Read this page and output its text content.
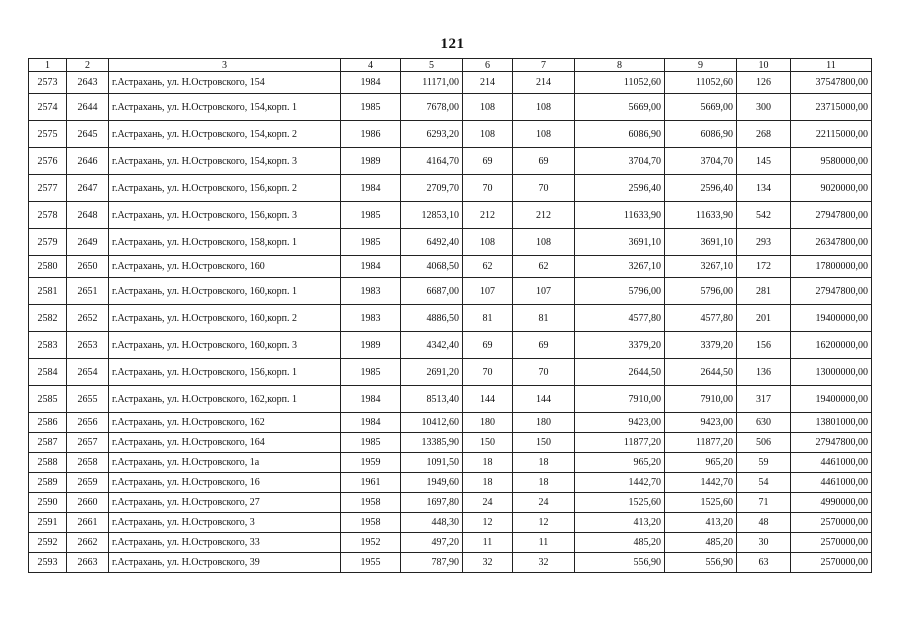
121
1	2	3	4	5	6	7	8	9	10	11
2573	2643	г.Астрахань, ул. Н.Островского, 154	1984	11171,00	214	214	11052,60	11052,60	126	37547800,00
2574	2644	г.Астрахань, ул. Н.Островского, 154,корп. 1	1985	7678,00	108	108	5669,00	5669,00	300	23715000,00
2575	2645	г.Астрахань, ул. Н.Островского, 154,корп. 2	1986	6293,20	108	108	6086,90	6086,90	268	22115000,00
2576	2646	г.Астрахань, ул. Н.Островского, 154,корп. 3	1989	4164,70	69	69	3704,70	3704,70	145	9580000,00
2577	2647	г.Астрахань, ул. Н.Островского, 156,корп. 2	1984	2709,70	70	70	2596,40	2596,40	134	9020000,00
2578	2648	г.Астрахань, ул. Н.Островского, 156,корп. 3	1985	12853,10	212	212	11633,90	11633,90	542	27947800,00
2579	2649	г.Астрахань, ул. Н.Островского, 158,корп. 1	1985	6492,40	108	108	3691,10	3691,10	293	26347800,00
2580	2650	г.Астрахань, ул. Н.Островского, 160	1984	4068,50	62	62	3267,10	3267,10	172	17800000,00
2581	2651	г.Астрахань, ул. Н.Островского, 160,корп. 1	1983	6687,00	107	107	5796,00	5796,00	281	27947800,00
2582	2652	г.Астрахань, ул. Н.Островского, 160,корп. 2	1983	4886,50	81	81	4577,80	4577,80	201	19400000,00
2583	2653	г.Астрахань, ул. Н.Островского, 160,корп. 3	1989	4342,40	69	69	3379,20	3379,20	156	16200000,00
2584	2654	г.Астрахань, ул. Н.Островского, 156,корп. 1	1985	2691,20	70	70	2644,50	2644,50	136	13000000,00
2585	2655	г.Астрахань, ул. Н.Островского, 162,корп. 1	1984	8513,40	144	144	7910,00	7910,00	317	19400000,00
2586	2656	г.Астрахань, ул. Н.Островского, 162	1984	10412,60	180	180	9423,00	9423,00	630	13801000,00
2587	2657	г.Астрахань, ул. Н.Островского, 164	1985	13385,90	150	150	11877,20	11877,20	506	27947800,00
2588	2658	г.Астрахань, ул. Н.Островского, 1а	1959	1091,50	18	18	965,20	965,20	59	4461000,00
2589	2659	г.Астрахань, ул. Н.Островского, 16	1961	1949,60	18	18	1442,70	1442,70	54	4461000,00
2590	2660	г.Астрахань, ул. Н.Островского, 27	1958	1697,80	24	24	1525,60	1525,60	71	4990000,00
2591	2661	г.Астрахань, ул. Н.Островского, 3	1958	448,30	12	12	413,20	413,20	48	2570000,00
2592	2662	г.Астрахань, ул. Н.Островского, 33	1952	497,20	11	11	485,20	485,20	30	2570000,00
2593	2663	г.Астрахань, ул. Н.Островского, 39	1955	787,90	32	32	556,90	556,90	63	2570000,00
